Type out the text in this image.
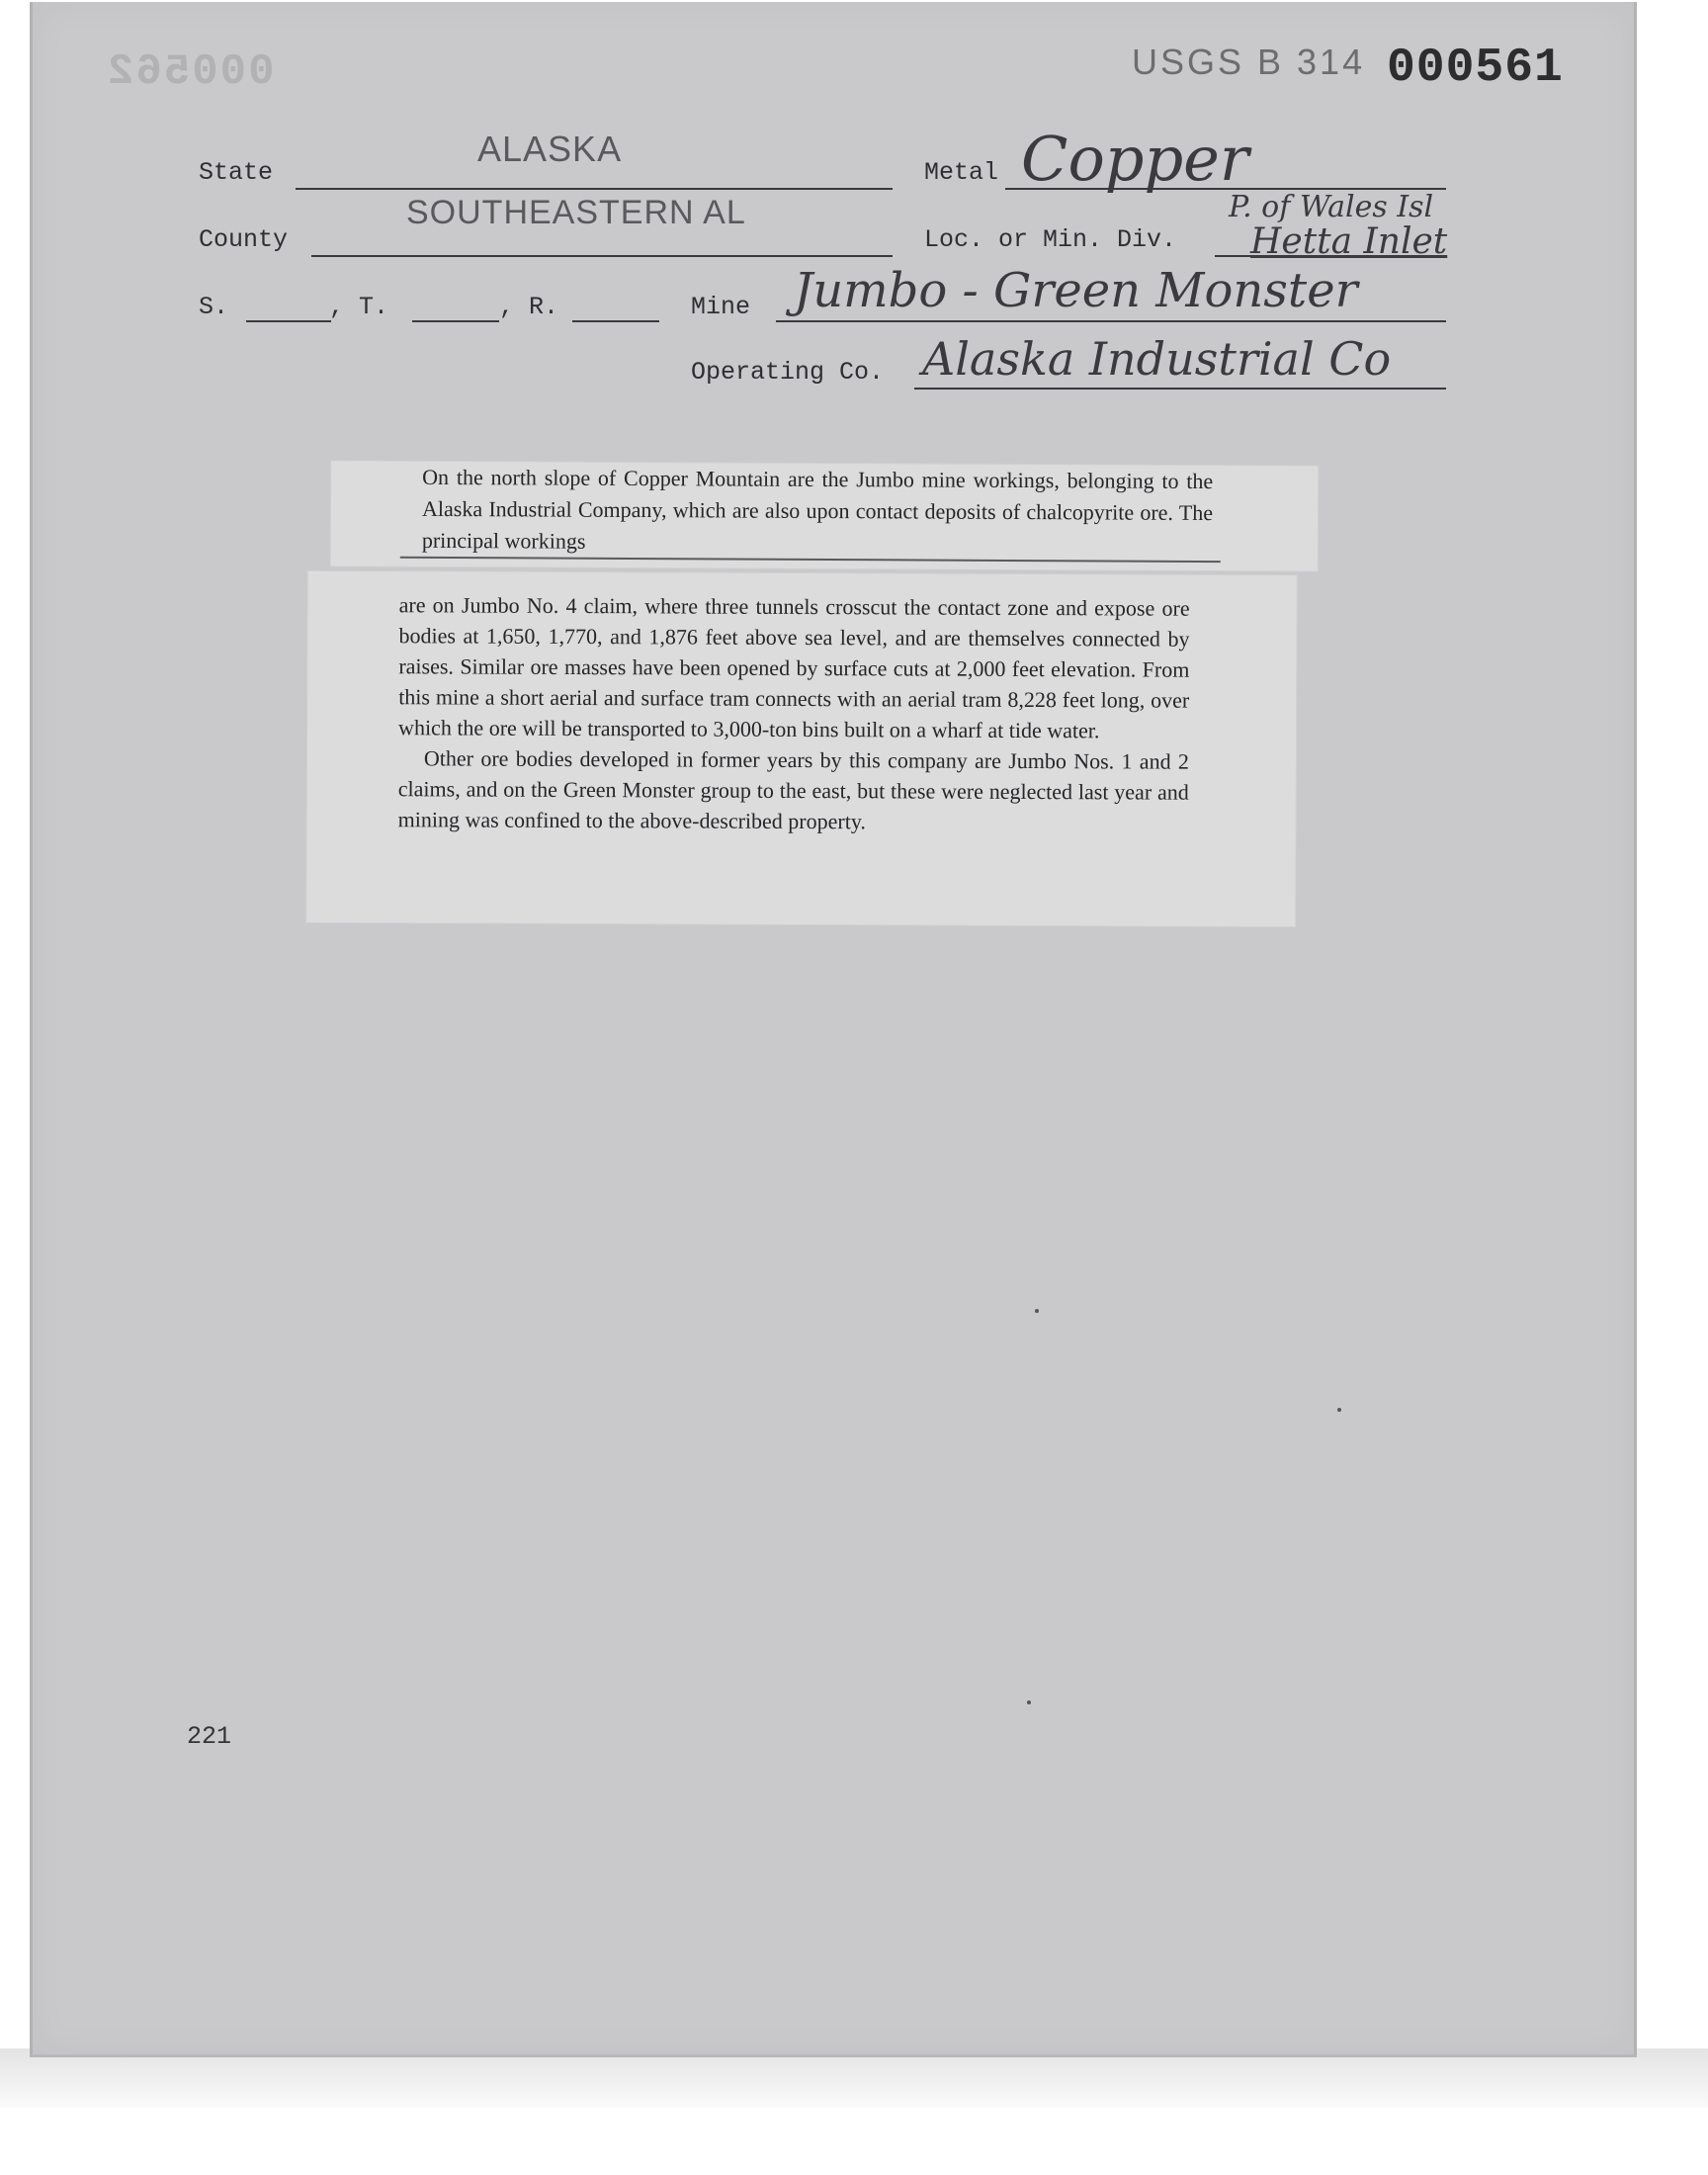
000562	USGS B 314 000561
State
ALASKA
Metal Copper
County
SOUTHEASTERN AL
Loc. or Min. Div.
P. of Wales Isl
Hetta Inlet
S.	, T.	, R.	Mine Jumbo - Green Monster
Operating Co. Alaska Industrial Co

On the north slope of Copper Mountain are the Jumbo mine workings, belonging to the Alaska Industrial Company, which are also upon contact deposits of chalcopyrite ore. The principal workings

are on Jumbo No. 4 claim, where three tunnels crosscut the contact zone and expose ore bodies at 1,650, 1,770, and 1,876 feet above sea level, and are themselves connected by raises. Similar ore masses have been opened by surface cuts at 2,000 feet elevation. From this mine a short aerial and surface tram connects with an aerial tram 8,228 feet long, over which the ore will be transported to 3,000-ton bins built on a wharf at tide water.

Other ore bodies developed in former years by this company are Jumbo Nos. 1 and 2 claims, and on the Green Monster group to the east, but these were neglected last year and mining was confined to the above-described property.

221
